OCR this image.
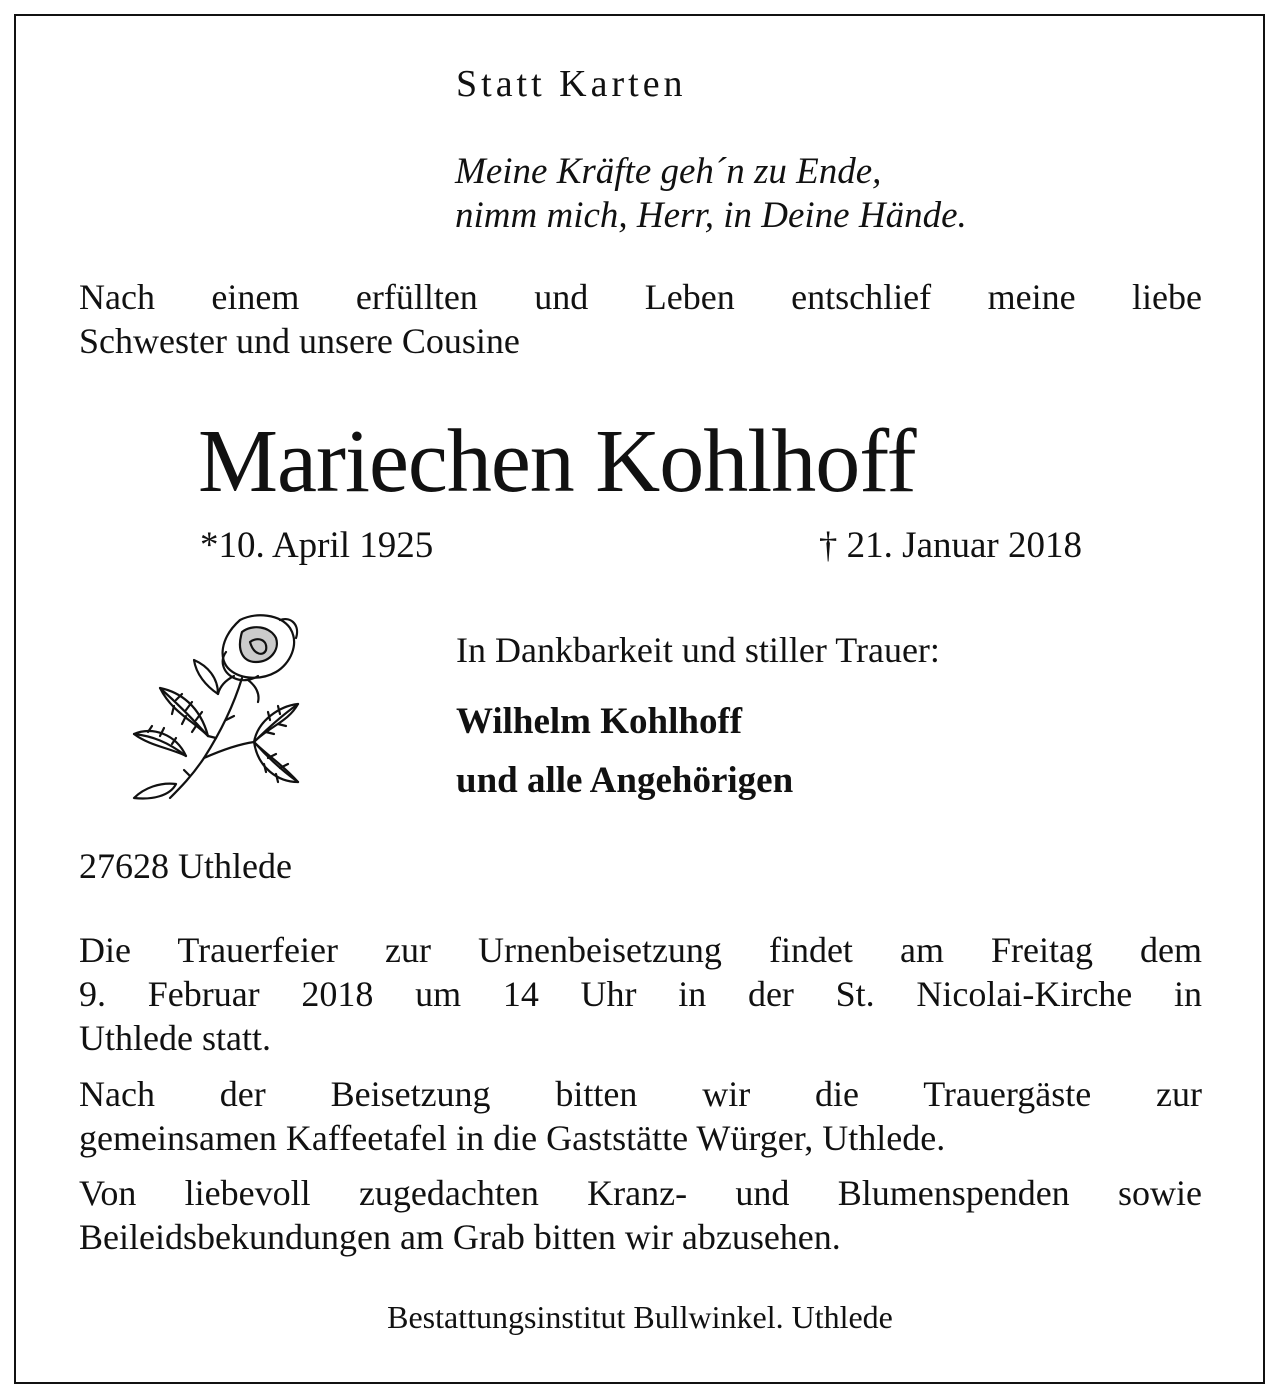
Statt Karten
Meine Kräfte geh´n zu Ende,
nimm mich, Herr, in Deine Hände.
Nach einem erfüllten und Leben entschlief meine liebe
Schwester und unsere Cousine
Mariechen Kohlhoff
*10. April 1925	† 21. Januar 2018
In Dankbarkeit und stiller Trauer:
Wilhelm Kohlhoff
und alle Angehörigen
27628 Uthlede
Die Trauerfeier zur Urnenbeisetzung findet am Freitag dem
9. Februar 2018 um 14 Uhr in der St. Nicolai-Kirche in
Uthlede statt.
Nach der Beisetzung bitten wir die Trauergäste zur
gemeinsamen Kaffeetafel in die Gaststätte Würger, Uthlede.
Von liebevoll zugedachten Kranz- und Blumenspenden sowie
Beileidsbekundungen am Grab bitten wir abzusehen.
Bestattungsinstitut Bullwinkel. Uthlede
